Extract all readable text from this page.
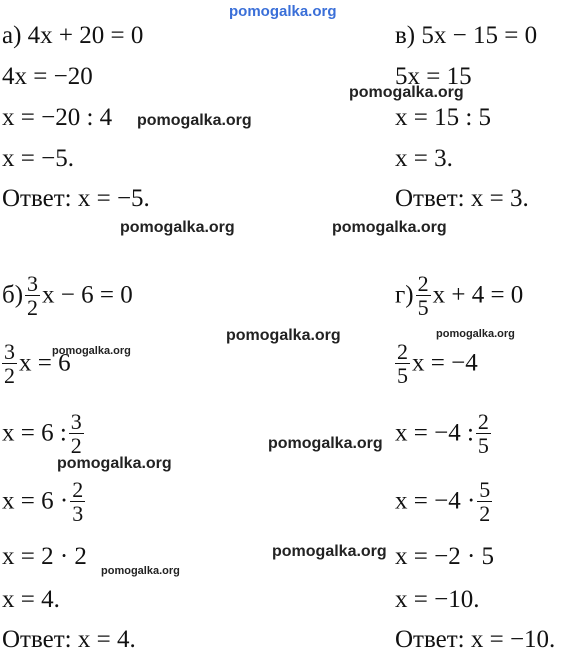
pomogalka.org
pomogalka.org
pomogalka.org
pomogalka.org	pomogalka.org
pomogalka.org	pomogalka.org
pomogalka.org
pomogalka.org
pomogalka.org
pomogalka.org
pomogalka.org
а) 4x + 20 = 0
4x = −20
x = −20 : 4
x = −5.
Ответ: x = −5.
в) 5x − 15 = 0
5x = 15
x = 15 : 5
x = 3.
Ответ: x = 3.
$б) \frac{3}{2}$ x − 6 = 0
$\frac{3}{2}$ x = 6
x = 6 : $\frac{3}{2}$
$x = 6 \cdot \frac{2}{3}$
x = 2 · 2
x = 4.
Ответ: x = 4.
$г) \frac{2}{5}$ x + 4 = 0
$\frac{2}{5}$ x = −4
x = −4 : $\frac{2}{5}$
$x = -4 \cdot \frac{5}{2}$
x = −2 · 5
x = −10.
Ответ: x = −10.
